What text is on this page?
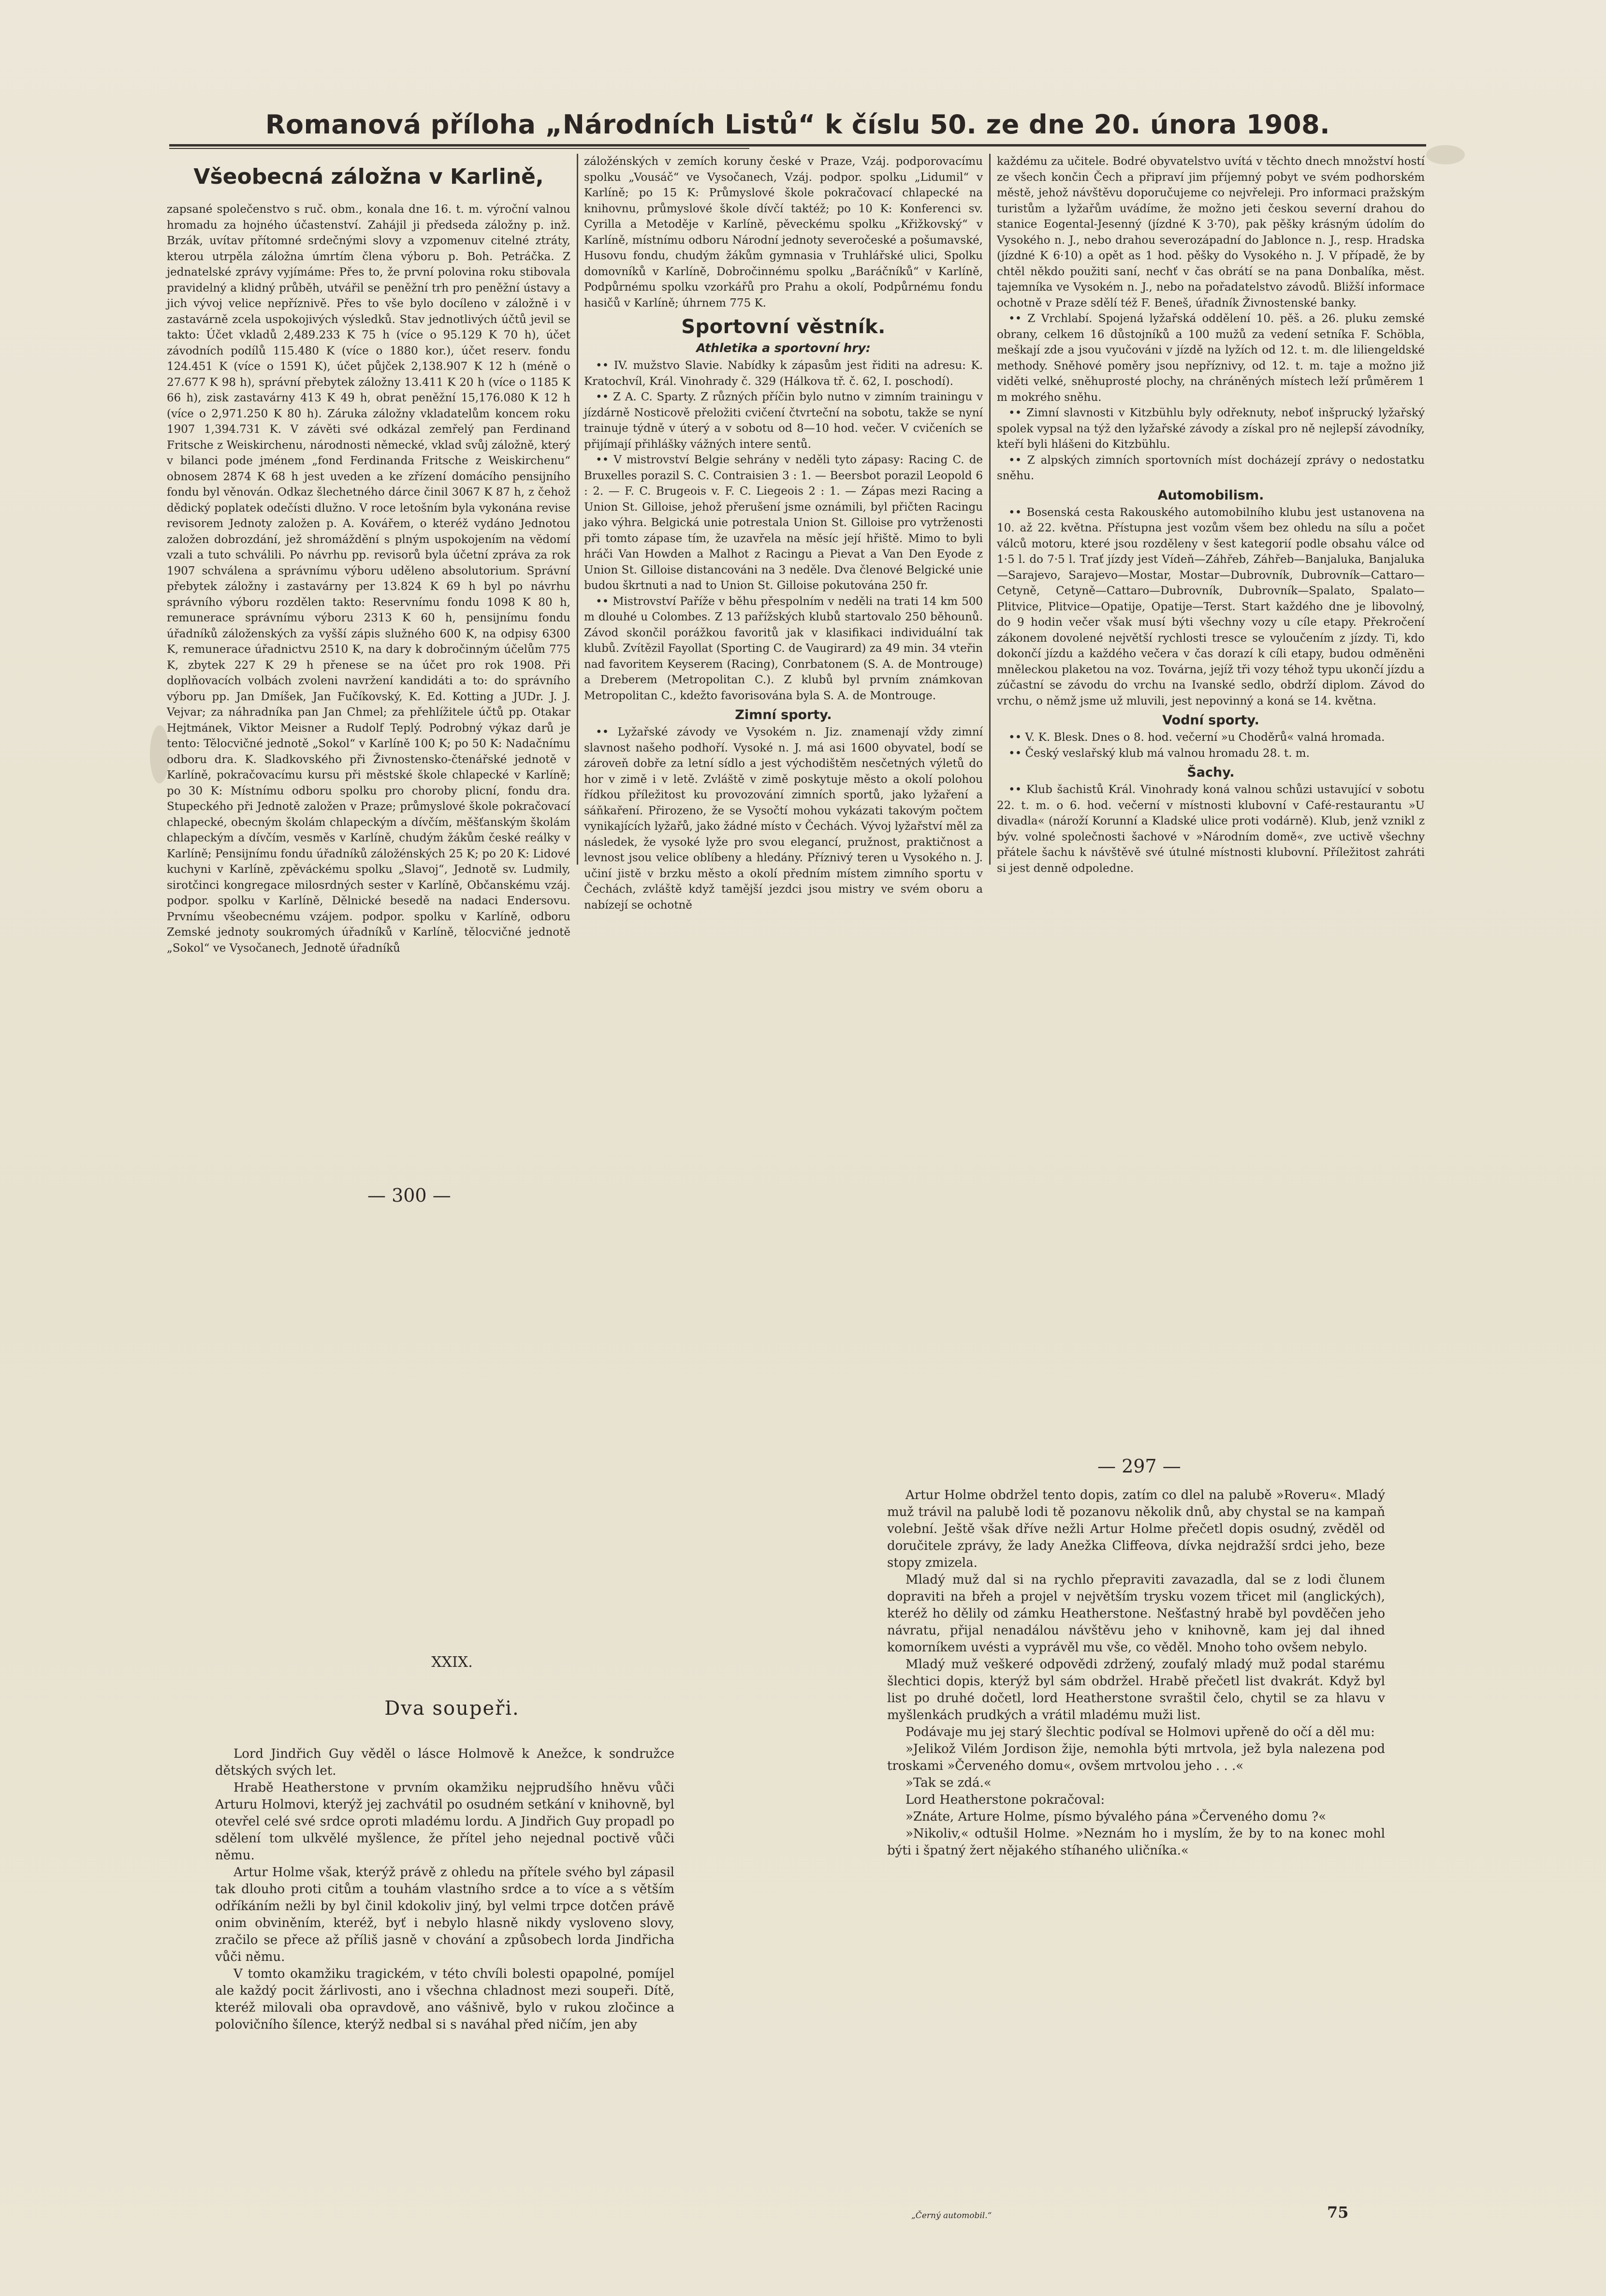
Romanová příloha „Národních Listů“ k číslu 50. ze dne 20. února 1908.
Všeobecná záložna v Karlině,

zapsané společenstvo s ruč. obm., konala dne 16. t. m. výroční valnou hromadu za hojného účastenství. Zahájil ji předseda záložny p. inž. Brzák, uvítav přítomné srdečnými slovy a vzpomenuv citelné ztráty, kterou utrpěla záložna úmrtím člena výboru p. Boh. Petráčka. Z jednatelské zprávy vyjímáme: Přes to, že první polovina roku stibovala pravidelný a klidný průběh, utvářil se peněžní trh pro peněžní ústavy a jich vývoj velice nepříznivě. Přes to vše bylo docíleno v záložně i v zastavárně zcela uspokojivých výsledků. Stav jednotlivých účtů jevil se takto: Účet vkladů 2,489.233 K 75 h (více o 95.129 K 70 h), účet závodních podílů 115.480 K (více o 1880 kor.), účet reserv. fondu 124.451 K (více o 1591 K), účet půjček 2,138.907 K 12 h (méně o 27.677 K 98 h), správní přebytek záložny 13.411 K 20 h (více o 1185 K 66 h), zisk zastavárny 413 K 49 h, obrat peněžní 15,176.080 K 12 h (více o 2,971.250 K 80 h). Záruka záložny vkladatelům koncem roku 1907 1,394.731 K. V závěti své odkázal zemřelý pan Ferdinand Fritsche z Weiskirchenu, národnosti německé, vklad svůj záložně, který v bilanci pode jménem „fond Ferdinanda Fritsche z Weiskirchenu“ obnosem 2874 K 68 h jest uveden a ke zřízení domácího pensijního fondu byl věnován. Odkaz šlechetného dárce činil 3067 K 87 h, z čehož dědický poplatek odečísti dlužno. V roce letošním byla vykonána revise revisorem Jednoty založen p. A. Kovářem, o kteréž vydáno Jednotou založen dobrozdání, jež shromáždění s plným uspokojením na vědomí vzali a tuto schválili. Po návrhu pp. revisorů byla účetní zpráva za rok 1907 schválena a správnímu výboru uděleno absolutorium. Správní přebytek záložny i zastavárny per 13.824 K 69 h byl po návrhu správního výboru rozdělen takto: Reservnímu fondu 1098 K 80 h, remunerace správnímu výboru 2313 K 60 h, pensijnímu fondu úřadníků záloženských za vyšší zápis služného 600 K, na odpisy 6300 K, remunerace úřadnictvu 2510 K, na dary k dobročinným účelům 775 K, zbytek 227 K 29 h přenese se na účet pro rok 1908. Při doplňovacích volbách zvoleni navržení kandidáti a to: do správního výboru pp. Jan Dmíšek, Jan Fučíkovský, K. Ed. Kotting a JUDr. J. J. Vejvar; za náhradníka pan Jan Chmel; za přehlížitele účtů pp. Otakar Hejtmánek, Viktor Meisner a Rudolf Teplý. Podrobný výkaz darů je tento: Tělocvičné jednotě „Sokol“ v Karlíně 100 K; po 50 K: Nadačnímu odboru dra. K. Sladkovského při Živnostensko-čtenářské jednotě v Karlíně, pokračovacímu kursu při městské škole chlapecké v Karlíně; po 30 K: Místnímu odboru spolku pro choroby plicní, fondu dra. Stupeckého při Jednotě založen v Praze; průmyslové škole pokračovací chlapecké, obecným školám chlapeckým a dívčím, měšťanským školám chlapeckým a dívčím, vesměs v Karlíně, chudým žákům české reálky v Karlíně; Pensijnímu fondu úřadníků záložénských 25 K; po 20 K: Lidové kuchyni v Karlíně, zpěváckému spolku „Slavoj“, Jednotě sv. Ludmily, sirotčinci kongregace milosrdných sester v Karlíně, Občanskému vzáj. podpor. spolku v Karlíně, Dělnické besedě na nadaci Endersovu. Prvnímu všeobecnému vzájem. podpor. spolku v Karlíně, odboru Zemské jednoty soukromých úřadníků v Karlíně, tělocvičné jednotě „Sokol“ ve Vysočanech, Jednotě úřadníků

záložénských v zemích koruny české v Praze, Vzáj. podporovacímu spolku „Vousáč“ ve Vysočanech, Vzáj. podpor. spolku „Lidumil“ v Karlíně; po 15 K: Průmyslové škole pokračovací chlapecké na knihovnu, průmyslové škole dívčí taktéž; po 10 K: Konferenci sv. Cyrilla a Metoděje v Karlíně, pěveckému spolku „Křižkovský“ v Karlíně, místnímu odboru Národní jednoty severočeské a pošumavské, Husovu fondu, chudým žákům gymnasia v Truhlářské ulici, Spolku domovníků v Karlíně, Dobročinnému spolku „Baráčníků“ v Karlíně, Podpůrnému spolku vzorkářů pro Prahu a okolí, Podpůrnému fondu hasičů v Karlíně; úhrnem 775 K.

Sportovní věstník.
Athletika a sportovní hry:

•• IV. mužstvo Slavie. Nabídky k zápasům jest řiditi na adresu: K. Kratochvíl, Král. Vinohrady č. 329 (Hálkova tř. č. 62, I. poschodí).

•• Z A. C. Sparty. Z různých příčin bylo nutno v zimním trainingu v jízdárně Nosticově přeložiti cvičení čtvrteční na sobotu, takže se nyní trainuje týdně v úterý a v sobotu od 8—10 hod. večer. V cvičeních se přijímají přihlášky vážných intere sentů.

•• V mistrovství Belgie sehrány v neděli tyto zápasy: Racing C. de Bruxelles porazil S. C. Contraisien 3 : 1. — Beersbot porazil Leopold 6 : 2. — F. C. Brugeois v. F. C. Liegeois 2 : 1. — Zápas mezi Racing a Union St. Gilloise, jehož přerušení jsme oznámili, byl přičten Racingu jako výhra. Belgická unie potrestala Union St. Gilloise pro vytrženosti při tomto zápase tím, že uzavřela na měsíc její hřiště. Mimo to byli hráči Van Howden a Malhot z Racingu a Pievat a Van Den Eyode z Union St. Gilloise distancováni na 3 neděle. Dva členové Belgické unie budou škrtnuti a nad to Union St. Gilloise pokutována 250 fr.

•• Mistrovství Paříže v běhu přespolním v neděli na trati 14 km 500 m dlouhé u Colombes. Z 13 pařížských klubů startovalo 250 běhounů. Závod skončil porážkou favoritů jak v klasifikaci individuální tak klubů. Zvítězil Fayollat (Sporting C. de Vaugirard) za 49 min. 34 vteřin nad favoritem Keyserem (Racing), Conrbatonem (S. A. de Montrouge) a Dreberem (Metropolitan C.). Z klubů byl prvním známkovan Metropolitan C., kdežto favorisována byla S. A. de Montrouge.

Zimní sporty.

•• Lyžařské závody ve Vysokém n. Jiz. znamenají vždy zimní slavnost našeho podhoří. Vysoké n. J. má asi 1600 obyvatel, bodí se zároveň dobře za letní sídlo a jest východištěm nesčetných výletů do hor v zimě i v letě. Zvláště v zimě poskytuje město a okolí polohou řídkou příležitost ku provozování zimních sportů, jako lyžaření a sáňkaření. Přirozeno, že se Vysočtí mohou vykázati takovým počtem vynikajících lyžařů, jako žádné místo v Čechách. Vývoj lyžařství měl za následek, že vysoké lyže pro svou elegancí, pružnost, praktičnost a levnost jsou velice oblíbeny a hledány. Příznivý teren u Vysokého n. J. učiní jistě v brzku město a okolí předním místem zimního sportu v Čechách, zvláště když tamější jezdci jsou mistry ve svém oboru a nabízejí se ochotně

každému za učitele. Bodré obyvatelstvo uvítá v těchto dnech množství hostí ze všech končin Čech a připraví jim příjemný pobyt ve svém podhorském městě, jehož návštěvu doporučujeme co nejvřeleji. Pro informaci pražským turistům a lyžařům uvádíme, že možno jeti českou severní drahou do stanice Eogental-Jesenný (jízdné K 3·70), pak pěšky krásným údolím do Vysokého n. J., nebo drahou severozápadní do Jablonce n. J., resp. Hradska (jízdné K 6·10) a opět as 1 hod. pěšky do Vysokého n. J. V případě, že by chtěl někdo použiti saní, nechť v čas obrátí se na pana Donbalíka, měst. tajemníka ve Vysokém n. J., nebo na pořadatelstvo závodů. Bližší informace ochotně v Praze sdělí též F. Beneš, úřadník Živnostenské banky.

•• Z Vrchlabí. Spojená lyžařská oddělení 10. pěš. a 26. pluku zemské obrany, celkem 16 důstojníků a 100 mužů za vedení setníka F. Schöbla, meškají zde a jsou vyučováni v jízdě na lyžích od 12. t. m. dle liliengeldské methody. Sněhové poměry jsou nepříznivy, od 12. t. m. taje a možno již viděti velké, sněhuprosté plochy, na chráněných místech leží průměrem 1 m mokrého sněhu.

•• Zimní slavnosti v Kitzbühlu byly odřeknuty, neboť inšprucký lyžařský spolek vypsal na týž den lyžařské závody a získal pro ně nejlepší závodníky, kteří byli hlášeni do Kitzbühlu.

•• Z alpských zimních sportovních míst docházejí zprávy o nedostatku sněhu.

Automobilism.

•• Bosenská cesta Rakouského automobilního klubu jest ustanovena na 10. až 22. května. Přístupna jest vozům všem bez ohledu na sílu a počet válců motoru, které jsou rozděleny v šest kategorií podle obsahu válce od 1·5 l. do 7·5 l. Trať jízdy jest Vídeň—Záhřeb, Záhřeb—Banjaluka, Banjaluka—Sarajevo, Sarajevo—Mostar, Mostar—Dubrovník, Dubrovník—Cattaro—Cetyně, Cetyně—Cattaro—Dubrovník, Dubrovník—Spalato, Spalato—Plitvice, Plitvice—Opatije, Opatije—Terst. Start každého dne je libovolný, do 9 hodin večer však musí býti všechny vozy u cíle etapy. Překročení zákonem dovolené největší rychlosti tresce se vyloučením z jízdy. Ti, kdo dokončí jízdu a každého večera v čas dorazí k cíli etapy, budou odměněni mněleckou plaketou na voz. Továrna, jejíž tři vozy téhož typu ukončí jízdu a zúčastní se závodu do vrchu na Ivanské sedlo, obdrží diplom. Závod do vrchu, o němž jsme už mluvili, jest nepovinný a koná se 14. května.

Vodní sporty.

•• V. K. Blesk. Dnes o 8. hod. večerní »u Choděrů« valná hromada.

•• Český veslařský klub má valnou hromadu 28. t. m.

Šachy.

•• Klub šachistů Král. Vinohrady koná valnou schůzi ustavující v sobotu 22. t. m. o 6. hod. večerní v místnosti klubovní v Café-restaurantu »U divadla« (nároží Korunní a Kladské ulice proti vodárně). Klub, jenž vznikl z býv. volné společnosti šachové v »Národním domě«, zve uctivě všechny přátele šachu k návštěvě své útulné místnosti klubovní. Příležitost zahráti si jest denně odpoledne.

— 300 —
XXIX.
Dva soupeři.

Lord Jindřich Guy věděl o lásce Holmově k Anežce, k sondružce dětských svých let.

Hrabě Heatherstone v prvním okamžiku nejprudšího hněvu vůči Arturu Holmovi, kterýž jej zachvátil po osudném setkání v knihovně, byl otevřel celé své srdce oproti mladému lordu. A Jindřich Guy propadl po sdělení tom ulkvělé myšlence, že přítel jeho nejednal poctivě vůči němu.

Artur Holme však, kterýž právě z ohledu na přítele svého byl zápasil tak dlouho proti citům a touhám vlastního srdce a to více a s větším odříkáním nežli by byl činil kdokoliv jiný, byl velmi trpce dotčen právě onim obviněním, kteréž, byť i nebylo hlasně nikdy vysloveno slovy, zračilo se přece až příliš jasně v chování a způsobech lorda Jindřicha vůči němu.

V tomto okamžiku tragickém, v této chvíli bolesti opapolné, pomíjel ale každý pocit žárlivosti, ano i všechna chladnost mezi soupeři. Dítě, kteréž milovali oba opravdově, ano vášnivě, bylo v rukou zločince a polovičního šílence, kterýž nedbal si s naváhal před ničím, jen aby

— 297 —

Artur Holme obdržel tento dopis, zatím co dlel na palubě »Roveru«. Mladý muž trávil na palubě lodi tě pozanovu několik dnů, aby chystal se na kampaň volební. Ještě však dříve nežli Artur Holme přečetl dopis osudný, zvěděl od doručitele zprávy, že lady Anežka Cliffeova, dívka nejdražší srdci jeho, beze stopy zmizela.

Mladý muž dal si na rychlo přepraviti zavazadla, dal se z lodi člunem dopraviti na břeh a projel v největším trysku vozem třicet mil (anglických), kteréž ho dělily od zámku Heatherstone. Nešťastný hrabě byl povděčen jeho návratu, přijal nenadálou návštěvu jeho v knihovně, kam jej dal ihned komorníkem uvésti a vyprávěl mu vše, co věděl. Mnoho toho ovšem nebylo.

Mladý muž veškeré odpovědi zdržený, zoufalý mladý muž podal starému šlechtici dopis, kterýž byl sám obdržel. Hrabě přečetl list dvakrát. Když byl list po druhé dočetl, lord Heatherstone svraštil čelo, chytil se za hlavu v myšlenkách prudkých a vrátil mladému muži list.

Podávaje mu jej starý šlechtic podíval se Holmovi upřeně do očí a děl mu:

»Jelikož Vilém Jordison žije, nemohla býti mrtvola, jež byla nalezena pod troskami »Červeného domu«, ovšem mrtvolou jeho . . .«

»Tak se zdá.«

Lord Heatherstone pokračoval:

»Znáte, Arture Holme, písmo bývalého pána »Červeného domu ?«

»Nikoliv,« odtušil Holme. »Neznám ho i myslím, že by to na konec mohl býti i špatný žert nějakého stíhaného uličníka.«

„Černý automobil.“	75
